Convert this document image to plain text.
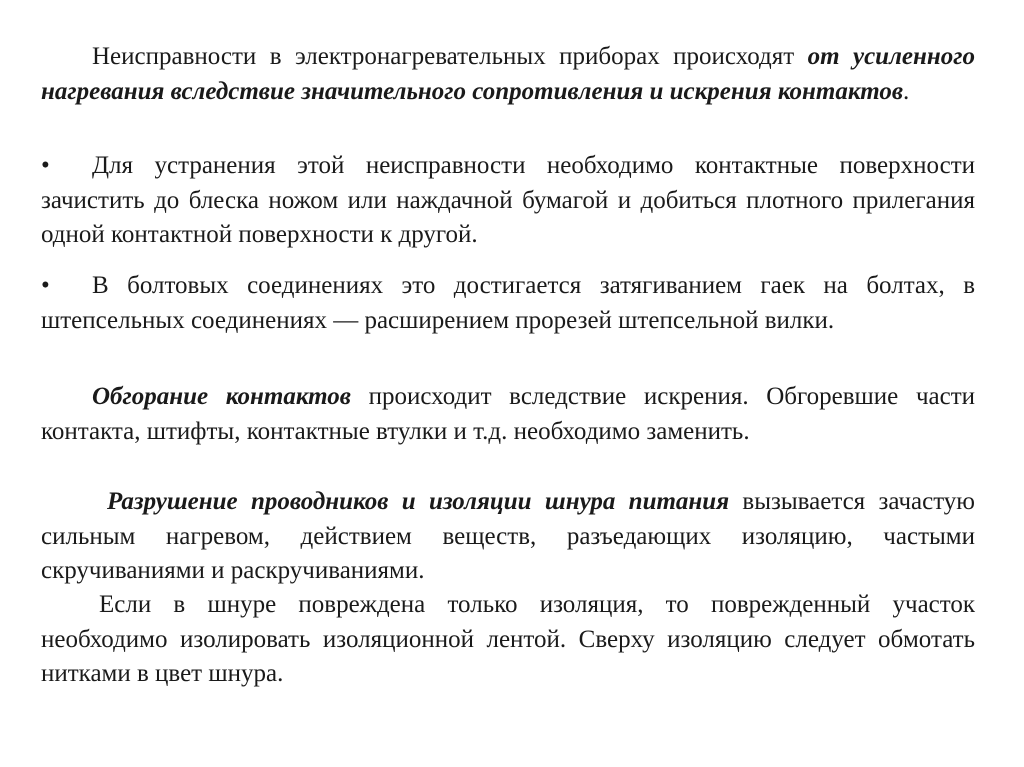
Неисправности в электронагревательных приборах происходят от усиленного нагревания вследствие значительного сопротивления и искрения контактов.

• Для устранения этой неисправности необходимо контактные поверхности зачистить до блеска ножом или наждачной бумагой и добиться плотного прилегания одной контактной поверхности к другой.

• В болтовых соединениях это достигается затягиванием гаек на болтах, в штепсельных соединениях — расширением прорезей штепсельной вилки.

Обгорание контактов происходит вследствие искрения. Обгоревшие части контакта, штифты, контактные втулки и т.д. необходимо заменить.

Разрушение проводников и изоляции шнура питания вызывается зачастую сильным нагревом, действием веществ, разъедающих изоляцию, частыми скручиваниями и раскручиваниями.

Если в шнуре повреждена только изоляция, то поврежденный участок необходимо изолировать изоляционной лентой. Сверху изоляцию следует обмотать нитками в цвет шнура.
